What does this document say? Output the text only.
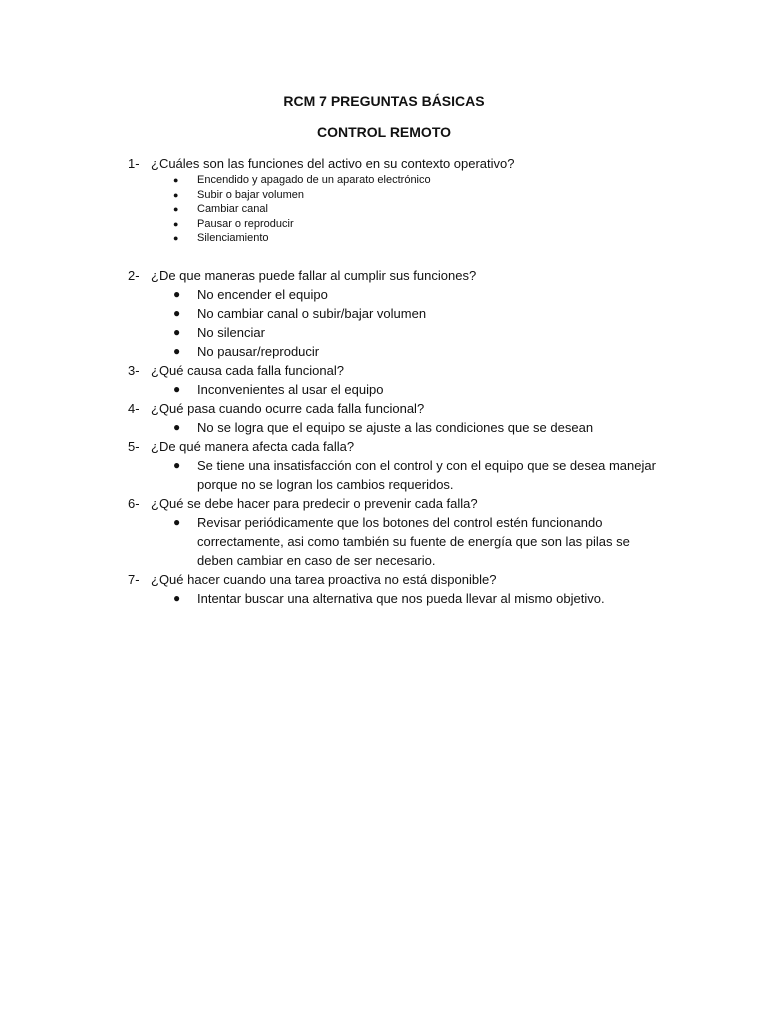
RCM 7 PREGUNTAS BÁSICAS

CONTROL REMOTO

1- ¿Cuáles son las funciones del activo en su contexto operativo?
●	Encendido y apagado de un aparato electrónico
●	Subir o bajar volumen
●	Cambiar canal
●	Pausar o reproducir
●	Silenciamiento
2- ¿De que maneras puede fallar al cumplir sus funciones?
●	No encender el equipo
●	No cambiar canal o subir/bajar volumen
●	No silenciar
●	No pausar/reproducir
3- ¿Qué causa cada falla funcional?
●	Inconvenientes al usar el equipo
4- ¿Qué pasa cuando ocurre cada falla funcional?
●	No se logra que el equipo se ajuste a las condiciones que se desean
5- ¿De qué manera afecta cada falla?
●	Se tiene una insatisfacción con el control y con el equipo que se desea manejar porque no se logran los cambios requeridos.
6- ¿Qué se debe hacer para predecir o prevenir cada falla?
●	Revisar periódicamente que los botones del control estén funcionando correctamente, asi como también su fuente de energía que son las pilas se deben cambiar en caso de ser necesario.
7- ¿Qué hacer cuando una tarea proactiva no está disponible?
●	Intentar buscar una alternativa que nos pueda llevar al mismo objetivo.
